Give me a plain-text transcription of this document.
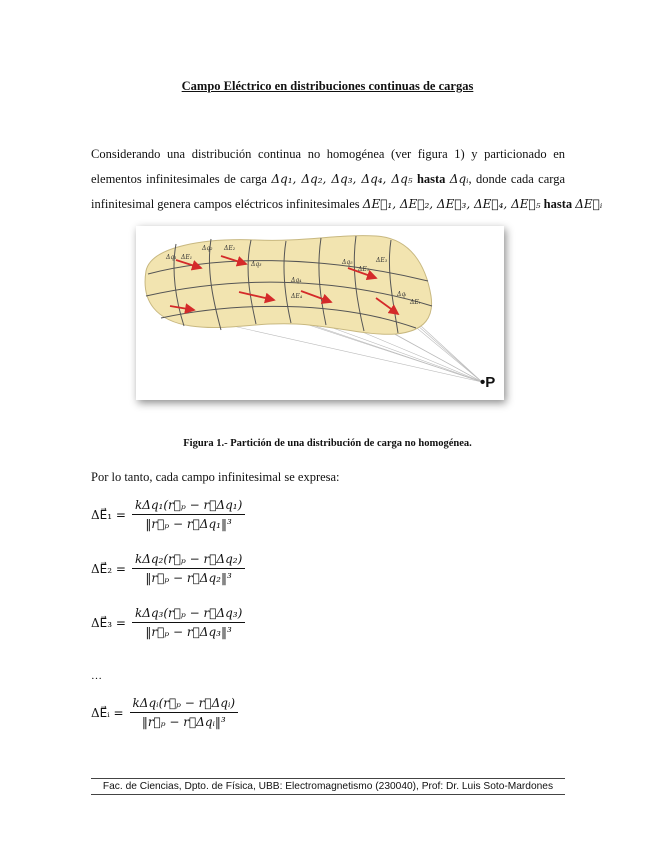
Campo Eléctrico en distribuciones continuas de cargas
Considerando una distribución continua no homogénea (ver figura 1) y particionado en
elementos infinitesimales de carga Δq₁, Δq₂, Δq₃, Δq₄, Δq₅ hasta Δqᵢ, donde cada carga
infinitesimal genera campos eléctricos infinitesimales ΔE⃗₁, ΔE⃗₂, ΔE⃗₃, ΔE⃗₄, ΔE⃗₅ hasta ΔE⃗ᵢ
Δq₁ ΔE₁
Δq₂ ΔE₂
Δq₄
ΔE₄
Δq₅
ΔE₅
Δqᵢ
ΔEᵢ
Δq₃
ΔE₃
•P
Figura 1.- Partición de una distribución de carga no homogénea.
Por lo tanto, cada campo infinitesimal se expresa:
ΔE⃗₁ = $\frac{\text{kΔq₁(r⃗ₚ − r⃗Δq₁)}}{\text{‖r⃗ₚ − r⃗Δq₁‖³}}$
ΔE⃗₂ = $\frac{\text{kΔq₂(r⃗ₚ − r⃗Δq₂)}}{\text{‖r⃗ₚ − r⃗Δq₂‖³}}$
ΔE⃗₃ = $\frac{\text{kΔq₃(r⃗ₚ − r⃗Δq₃)}}{\text{‖r⃗ₚ − r⃗Δq₃‖³}}$
…
ΔE⃗ᵢ = $\frac{\text{kΔqᵢ(r⃗ₚ − r⃗Δqᵢ)}}{\text{‖r⃗ₚ − r⃗Δqᵢ‖³}}$
Fac. de Ciencias, Dpto. de Física, UBB: Electromagnetismo (230040), Prof: Dr. Luis Soto-Mardones
